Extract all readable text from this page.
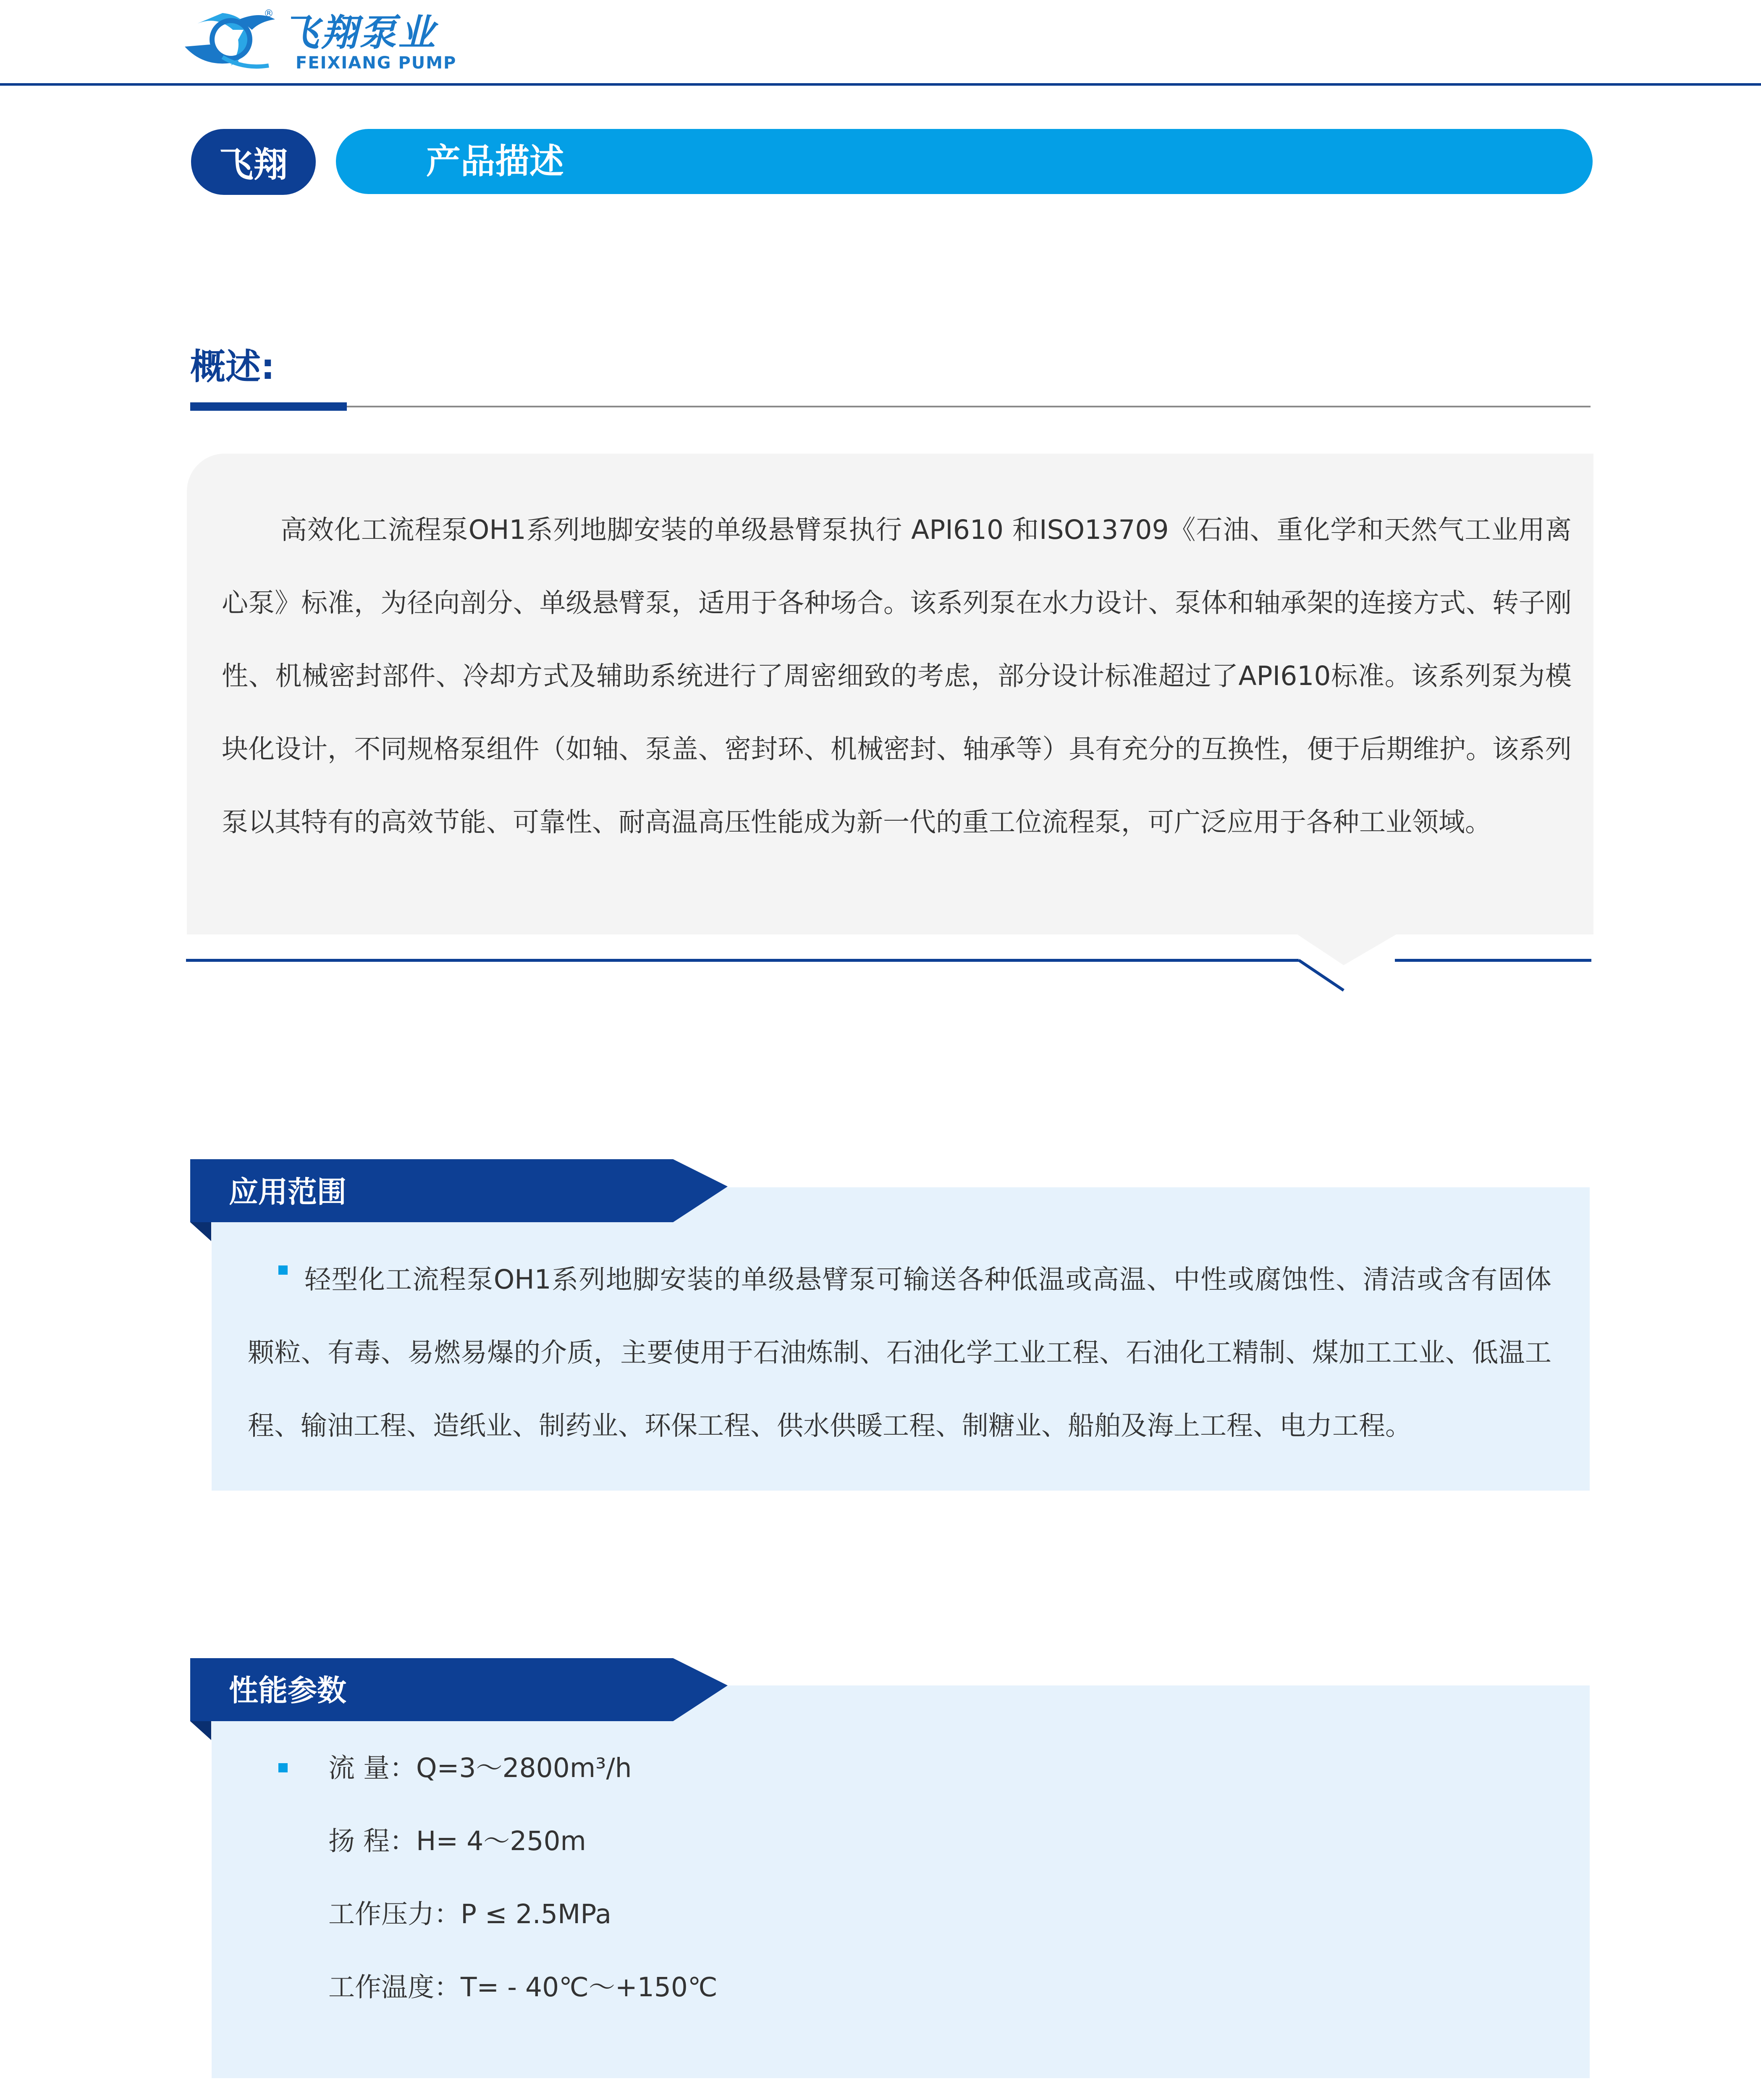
® 飞翔泵业
FEIXIANG PUMP
飞翔	产品描述
概述:
高效化工流程泵OH1系列地脚安装的单级悬臂泵执行 API610 和ISO13709《石油、重化学和天然气工业用离心泵》标准，为径向剖分、单级悬臂泵，适用于各种场合。该系列泵在水力设计、泵体和轴承架的连接方式、转子刚性、机械密封部件、冷却方式及辅助系统进行了周密细致的考虑，部分设计标准超过了API610标准。该系列泵为模块化设计，不同规格泵组件（如轴、泵盖、密封环、机械密封、轴承等）具有充分的互换性，便于后期维护。该系列泵以其特有的高效节能、可靠性、耐高温高压性能成为新一代的重工位流程泵，可广泛应用于各种工业领域。
应用范围
轻型化工流程泵OH1系列地脚安装的单级悬臂泵可输送各种低温或高温、中性或腐蚀性、清洁或含有固体颗粒、有毒、易燃易爆的介质，主要使用于石油炼制、石油化学工业工程、石油化工精制、煤加工工业、低温工程、输油工程、造纸业、制药业、环保工程、供水供暖工程、制糖业、船舶及海上工程、电力工程。
性能参数
流 量：Q=3～2800m³/h
扬 程：H= 4～250m
工作压力：P ≤ 2.5MPa
工作温度：T= - 40℃～+150℃
